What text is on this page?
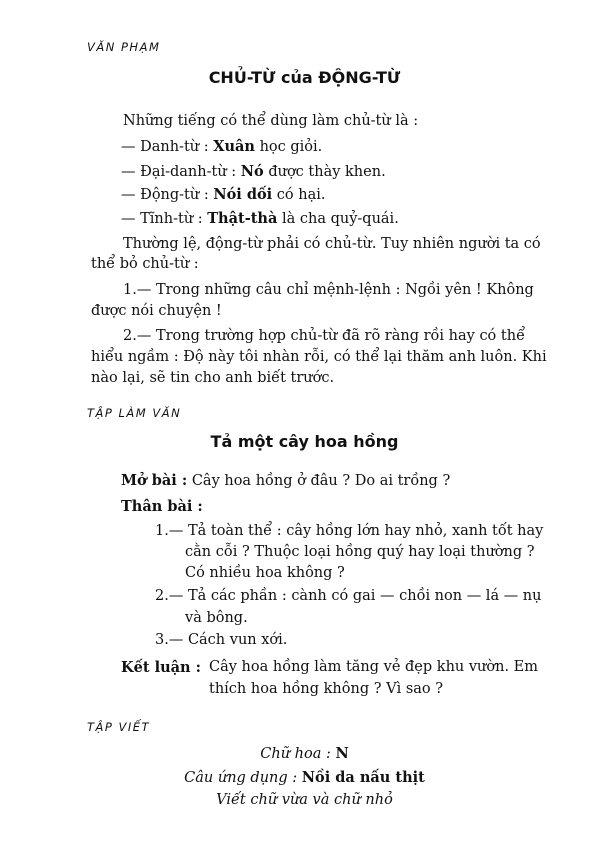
VĂN PHẠM
CHỦ-TỪ của ĐỘNG-TỪ
Những tiếng có thể dùng làm chủ-từ là :
— Danh-từ : Xuân học giỏi.
— Đại-danh-từ : Nó được thày khen.
— Động-từ : Nói dối có hại.
— Tĩnh-từ : Thật-thà là cha quỷ-quái.
Thường lệ, động-từ phải có chủ-từ. Tuy nhiên người ta có
thể bỏ chủ-từ :
1.— Trong những câu chỉ mệnh-lệnh : Ngồi yên ! Không
được nói chuyện !
2.— Trong trường hợp chủ-từ đã rõ ràng rồi hay có thể
hiểu ngầm : Độ này tôi nhàn rỗi, có thể lại thăm anh luôn. Khi
nào lại, sẽ tin cho anh biết trước.
TẬP LÀM VĂN
Tả một cây hoa hồng
Mở bài : Cây hoa hồng ở đâu ? Do ai trồng ?
Thân bài :
1.— Tả toàn thể : cây hồng lớn hay nhỏ, xanh tốt hay
cằn cỗi ? Thuộc loại hồng quý hay loại thường ?
Có nhiều hoa không ?
2.— Tả các phần : cành có gai — chồi non — lá — nụ
và bông.
3.— Cách vun xới.
Kết luận : Cây hoa hồng làm tăng vẻ đẹp khu vườn. Em
thích hoa hồng không ? Vì sao ?
TẬP VIẾT
Chữ hoa : N
Câu ứng dụng : Nồi da nấu thịt
Viết chữ vừa và chữ nhỏ
